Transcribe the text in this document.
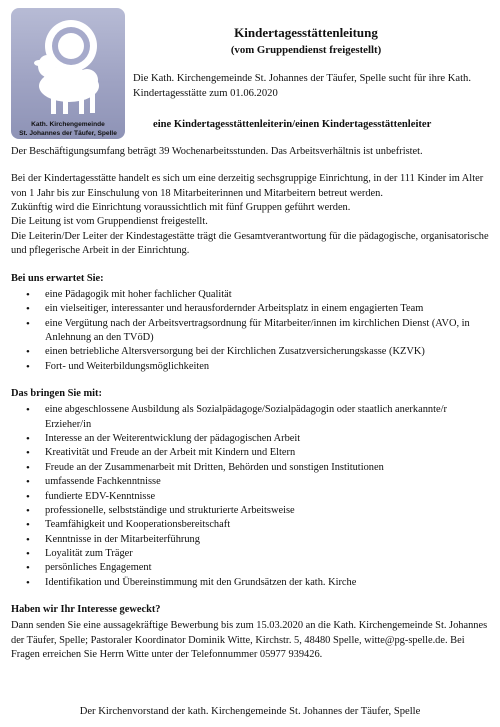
Kath. Kirchengemeinde
St. Johannes der Täufer, Spelle

Kindertagesstättenleitung

(vom Gruppendienst freigestellt)

Die Kath. Kirchengemeinde St. Johannes der Täufer, Spelle sucht für ihre Kath. Kindertagesstätte zum 01.06.2020

eine Kindertagesstättenleiterin/einen Kindertagesstättenleiter

Der Beschäftigungsumfang beträgt 39 Wochenarbeitsstunden. Das Arbeitsverhältnis ist unbefristet.

Bei der Kindertagesstätte handelt es sich um eine derzeitig sechsgruppige Einrichtung, in der 111 Kinder im Alter von 1 Jahr bis zur Einschulung von 18 Mitarbeiterinnen und Mitarbeitern betreut werden.

Zukünftig wird die Einrichtung voraussichtlich mit fünf Gruppen geführt werden.

Die Leitung ist vom Gruppendienst freigestellt.

Die Leiterin/Der Leiter der Kindestagestätte trägt die Gesamtverantwortung für die pädagogische, organisatorische und pflegerische Arbeit in der Einrichtung.

Bei uns erwartet Sie:

• eine Pädagogik mit hoher fachlicher Qualität
• ein vielseitiger, interessanter und herausfordernder Arbeitsplatz in einem engagierten Team
• eine Vergütung nach der Arbeitsvertragsordnung für Mitarbeiter/innen im kirchlichen Dienst (AVO, in Anlehnung an den TVöD)
• einen betriebliche Altersversorgung bei der Kirchlichen Zusatzversicherungskasse (KZVK)
• Fort- und Weiterbildungsmöglichkeiten

Das bringen Sie mit:

• eine abgeschlossene Ausbildung als Sozialpädagoge/Sozialpädagogin oder staatlich anerkannte/r Erzieher/in
• Interesse an der Weiterentwicklung der pädagogischen Arbeit
• Kreativität und Freude an der Arbeit mit Kindern und Eltern
• Freude an der Zusammenarbeit mit Dritten, Behörden und sonstigen Institutionen
• umfassende Fachkenntnisse
• fundierte EDV-Kenntnisse
• professionelle, selbstständige und strukturierte Arbeitsweise
• Teamfähigkeit und Kooperationsbereitschaft
• Kenntnisse in der Mitarbeiterführung
• Loyalität zum Träger
• persönliches Engagement
• Identifikation und Übereinstimmung mit den Grundsätzen der kath. Kirche

Haben wir Ihr Interesse geweckt?

Dann senden Sie eine aussagekräftige Bewerbung bis zum 15.03.2020 an die Kath. Kirchengemeinde St. Johannes der Täufer, Spelle; Pastoraler Koordinator Dominik Witte, Kirchstr. 5, 48480 Spelle, witte@pg-spelle.de. Bei Fragen erreichen Sie Herrn Witte unter der Telefonnummer 05977 939426.

Der Kirchenvorstand der kath. Kirchengemeinde St. Johannes der Täufer, Spelle
